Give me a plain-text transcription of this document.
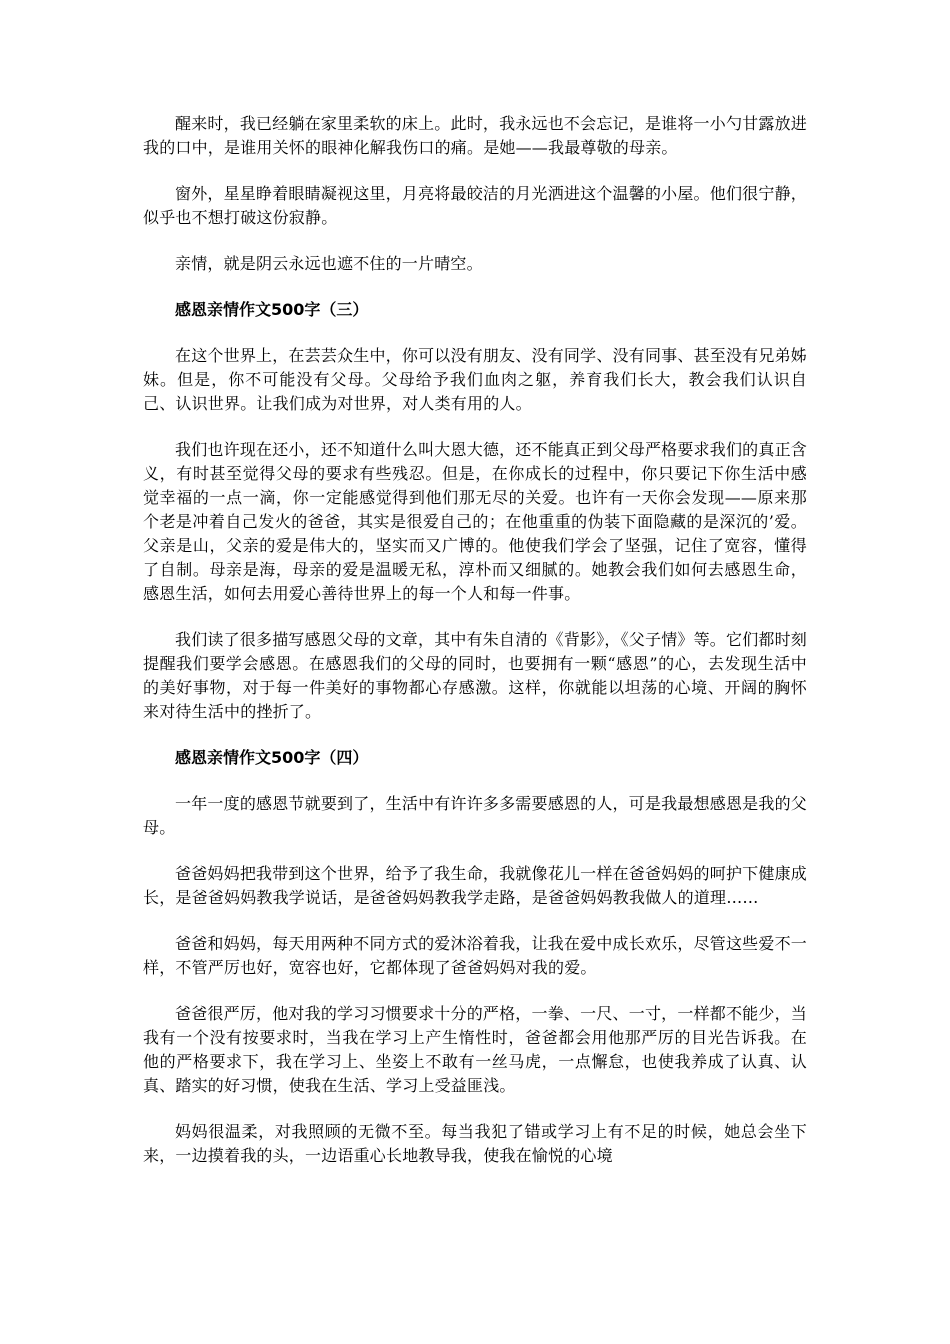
醒来时，我已经躺在家里柔软的床上。此时，我永远也不会忘记，是谁将一小勺甘露放进我的口中，是谁用关怀的眼神化解我伤口的痛。是她——我最尊敬的母亲。

窗外，星星睁着眼睛凝视这里，月亮将最皎洁的月光洒进这个温馨的小屋。他们很宁静，似乎也不想打破这份寂静。

亲情，就是阴云永远也遮不住的一片晴空。

感恩亲情作文500字（三）

在这个世界上，在芸芸众生中，你可以没有朋友、没有同学、没有同事、甚至没有兄弟姊妹。但是，你不可能没有父母。父母给予我们血肉之躯，养育我们长大，教会我们认识自己、认识世界。让我们成为对世界，对人类有用的人。

我们也许现在还小，还不知道什么叫大恩大德，还不能真正到父母严格要求我们的真正含义，有时甚至觉得父母的要求有些残忍。但是，在你成长的过程中，你只要记下你生活中感觉幸福的一点一滴，你一定能感觉得到他们那无尽的关爱。也许有一天你会发现——原来那个老是冲着自己发火的爸爸，其实是很爱自己的；在他重重的伪装下面隐藏的是深沉的’爱。父亲是山，父亲的爱是伟大的，坚实而又广博的。他使我们学会了坚强，记住了宽容，懂得了自制。母亲是海，母亲的爱是温暖无私，淳朴而又细腻的。她教会我们如何去感恩生命，感恩生活，如何去用爱心善待世界上的每一个人和每一件事。

我们读了很多描写感恩父母的文章，其中有朱自清的《背影》，《父子情》等。它们都时刻提醒我们要学会感恩。在感恩我们的父母的同时，也要拥有一颗“感恩”的心，去发现生活中的美好事物，对于每一件美好的事物都心存感激。这样，你就能以坦荡的心境、开阔的胸怀来对待生活中的挫折了。

感恩亲情作文500字（四）

一年一度的感恩节就要到了，生活中有许许多多需要感恩的人，可是我最想感恩是我的父母。

爸爸妈妈把我带到这个世界，给予了我生命，我就像花儿一样在爸爸妈妈的呵护下健康成长，是爸爸妈妈教我学说话，是爸爸妈妈教我学走路，是爸爸妈妈教我做人的道理……

爸爸和妈妈，每天用两种不同方式的爱沐浴着我，让我在爱中成长欢乐，尽管这些爱不一样，不管严厉也好，宽容也好，它都体现了爸爸妈妈对我的爱。

爸爸很严厉，他对我的学习习惯要求十分的严格，一拳、一尺、一寸，一样都不能少，当我有一个没有按要求时，当我在学习上产生惰性时，爸爸都会用他那严厉的目光告诉我。在他的严格要求下，我在学习上、坐姿上不敢有一丝马虎，一点懈怠，也使我养成了认真、认真、踏实的好习惯，使我在生活、学习上受益匪浅。

妈妈很温柔，对我照顾的无微不至。每当我犯了错或学习上有不足的时候，她总会坐下来，一边摸着我的头，一边语重心长地教导我，使我在愉悦的心境
